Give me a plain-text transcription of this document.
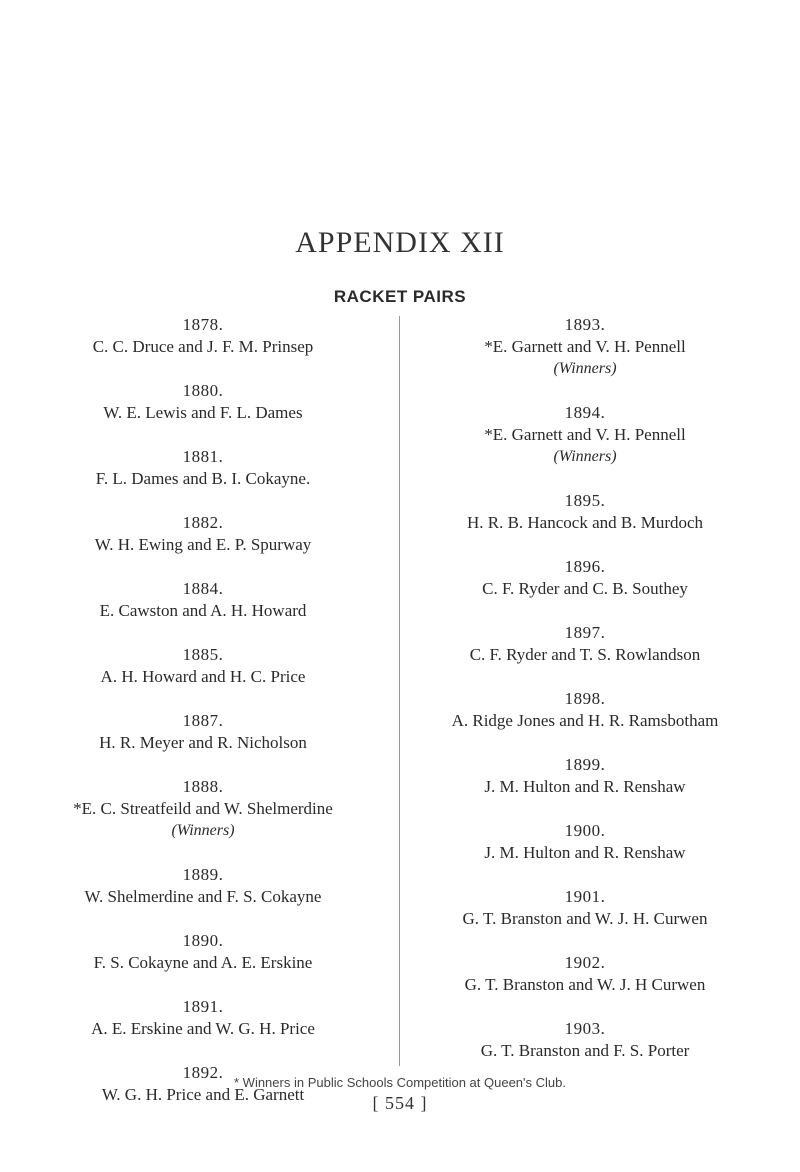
APPENDIX XII
RACKET PAIRS
1878.
C. C. Druce and J. F. M. Prinsep
1880.
W. E. Lewis and F. L. Dames
1881.
F. L. Dames and B. I. Cokayne.
1882.
W. H. Ewing and E. P. Spurway
1884.
E. Cawston and A. H. Howard
1885.
A. H. Howard and H. C. Price
1887.
H. R. Meyer and R. Nicholson
1888.
*E. C. Streatfeild and W. Shelmerdine
(Winners)
1889.
W. Shelmerdine and F. S. Cokayne
1890.
F. S. Cokayne and A. E. Erskine
1891.
A. E. Erskine and W. G. H. Price
1892.
W. G. H. Price and E. Garnett
1893.
*E. Garnett and V. H. Pennell
(Winners)
1894.
*E. Garnett and V. H. Pennell
(Winners)
1895.
H. R. B. Hancock and B. Murdoch
1896.
C. F. Ryder and C. B. Southey
1897.
C. F. Ryder and T. S. Rowlandson
1898.
A. Ridge Jones and H. R. Ramsbotham
1899.
J. M. Hulton and R. Renshaw
1900.
J. M. Hulton and R. Renshaw
1901.
G. T. Branston and W. J. H. Curwen
1902.
G. T. Branston and W. J. H Curwen
1903.
G. T. Branston and F. S. Porter
* Winners in Public Schools Competition at Queen's Club.
[ 554 ]
